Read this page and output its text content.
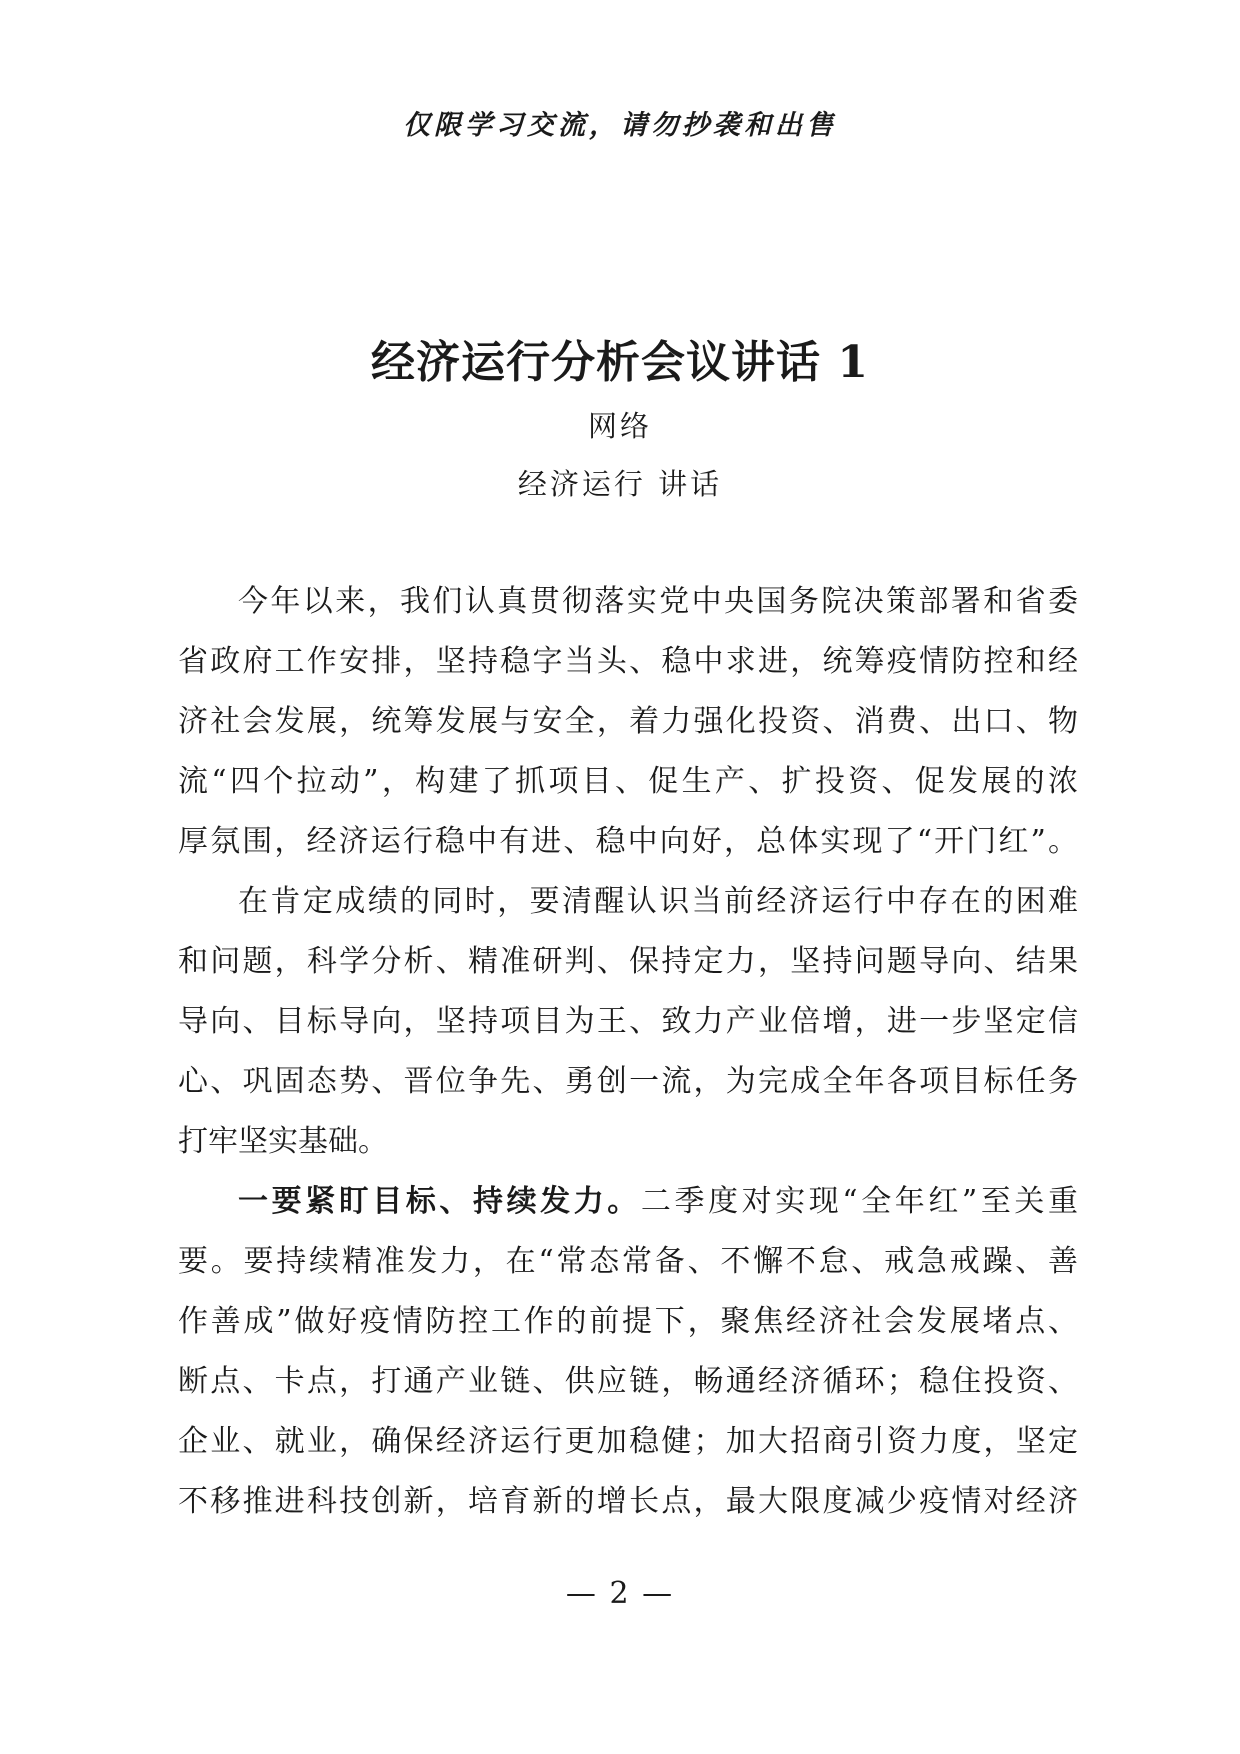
仅限学习交流，请勿抄袭和出售
经济运行分析会议讲话 1
网络
经济运行 讲话
今年以来，我们认真贯彻落实党中央国务院决策部署和省委
省政府工作安排，坚持稳字当头、稳中求进，统筹疫情防控和经
济社会发展，统筹发展与安全，着力强化投资、消费、出口、物
流“四个拉动”，构建了抓项目、促生产、扩投资、促发展的浓
厚氛围，经济运行稳中有进、稳中向好，总体实现了“开门红”。
在肯定成绩的同时，要清醒认识当前经济运行中存在的困难
和问题，科学分析、精准研判、保持定力，坚持问题导向、结果
导向、目标导向，坚持项目为王、致力产业倍增，进一步坚定信
心、巩固态势、晋位争先、勇创一流，为完成全年各项目标任务
打牢坚实基础。
一要紧盯目标、持续发力。二季度对实现“全年红”至关重
要。要持续精准发力，在“常态常备、不懈不怠、戒急戒躁、善
作善成”做好疫情防控工作的前提下，聚焦经济社会发展堵点、
断点、卡点，打通产业链、供应链，畅通经济循环；稳住投资、
企业、就业，确保经济运行更加稳健；加大招商引资力度，坚定
不移推进科技创新，培育新的增长点，最大限度减少疫情对经济
— 2 —
